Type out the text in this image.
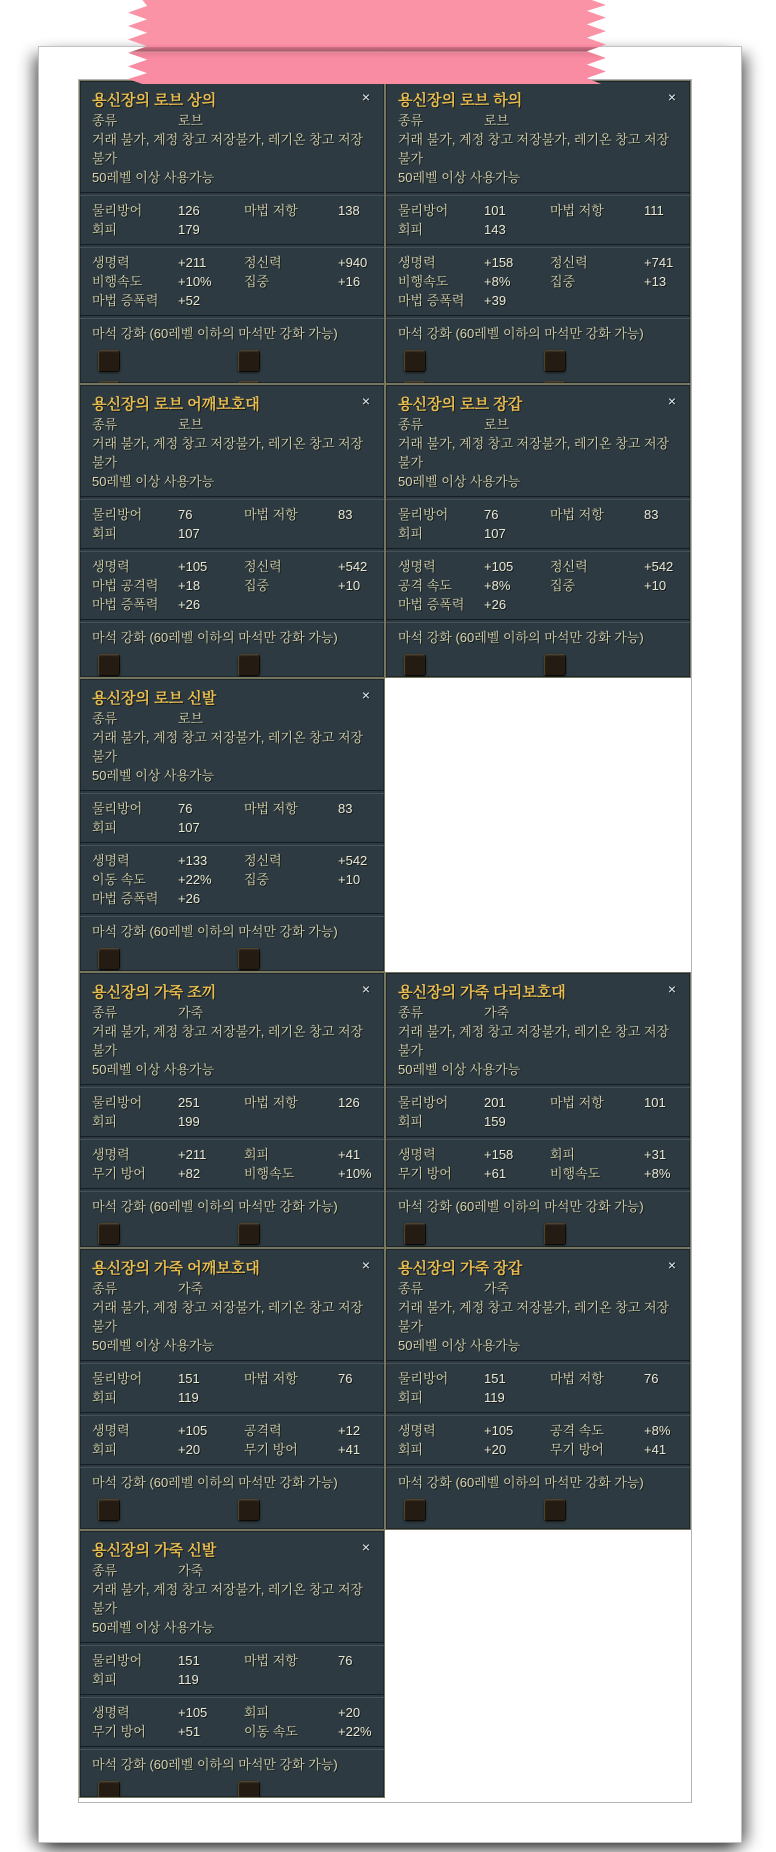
용신장의 로브 상의	×
종류	로브
거래 불가, 계정 창고 저장불가, 레기온 창고 저장불가
50레벨 이상 사용가능
물리방어	126	마법 저항	138
회피	179
생명력	+211	정신력	+940
비행속도	+10%	집중	+16
마법 증폭력	+52
마석 강화 (60레벨 이하의 마석만 강화 가능)
용신장의 로브 하의	×
종류	로브
거래 불가, 계정 창고 저장불가, 레기온 창고 저장불가
50레벨 이상 사용가능
물리방어	101	마법 저항	111
회피	143
생명력	+158	정신력	+741
비행속도	+8%	집중	+13
마법 증폭력	+39
마석 강화 (60레벨 이하의 마석만 강화 가능)
용신장의 로브 어깨보호대	×
종류	로브
거래 불가, 계정 창고 저장불가, 레기온 창고 저장불가
50레벨 이상 사용가능
물리방어	76	마법 저항	83
회피	107
생명력	+105	정신력	+542
마법 공격력	+18	집중	+10
마법 증폭력	+26
마석 강화 (60레벨 이하의 마석만 강화 가능)
용신장의 로브 장갑	×
종류	로브
거래 불가, 계정 창고 저장불가, 레기온 창고 저장불가
50레벨 이상 사용가능
물리방어	76	마법 저항	83
회피	107
생명력	+105	정신력	+542
공격 속도	+8%	집중	+10
마법 증폭력	+26
마석 강화 (60레벨 이하의 마석만 강화 가능)
용신장의 로브 신발	×
종류	로브
거래 불가, 계정 창고 저장불가, 레기온 창고 저장불가
50레벨 이상 사용가능
물리방어	76	마법 저항	83
회피	107
생명력	+133	정신력	+542
이동 속도	+22%	집중	+10
마법 증폭력	+26
마석 강화 (60레벨 이하의 마석만 강화 가능)
용신장의 가죽 조끼	×
종류	가죽
거래 불가, 계정 창고 저장불가, 레기온 창고 저장불가
50레벨 이상 사용가능
물리방어	251	마법 저항	126
회피	199
생명력	+211	회피	+41
무기 방어	+82	비행속도	+10%
마석 강화 (60레벨 이하의 마석만 강화 가능)
용신장의 가죽 다리보호대	×
종류	가죽
거래 불가, 계정 창고 저장불가, 레기온 창고 저장불가
50레벨 이상 사용가능
물리방어	201	마법 저항	101
회피	159
생명력	+158	회피	+31
무기 방어	+61	비행속도	+8%
마석 강화 (60레벨 이하의 마석만 강화 가능)
용신장의 가죽 어깨보호대	×
종류	가죽
거래 불가, 계정 창고 저장불가, 레기온 창고 저장불가
50레벨 이상 사용가능
물리방어	151	마법 저항	76
회피	119
생명력	+105	공격력	+12
회피	+20	무기 방어	+41
마석 강화 (60레벨 이하의 마석만 강화 가능)
용신장의 가죽 장갑	×
종류	가죽
거래 불가, 계정 창고 저장불가, 레기온 창고 저장불가
50레벨 이상 사용가능
물리방어	151	마법 저항	76
회피	119
생명력	+105	공격 속도	+8%
회피	+20	무기 방어	+41
마석 강화 (60레벨 이하의 마석만 강화 가능)
용신장의 가죽 신발	×
종류	가죽
거래 불가, 계정 창고 저장불가, 레기온 창고 저장불가
50레벨 이상 사용가능
물리방어	151	마법 저항	76
회피	119
생명력	+105	회피	+20
무기 방어	+51	이동 속도	+22%
마석 강화 (60레벨 이하의 마석만 강화 가능)
